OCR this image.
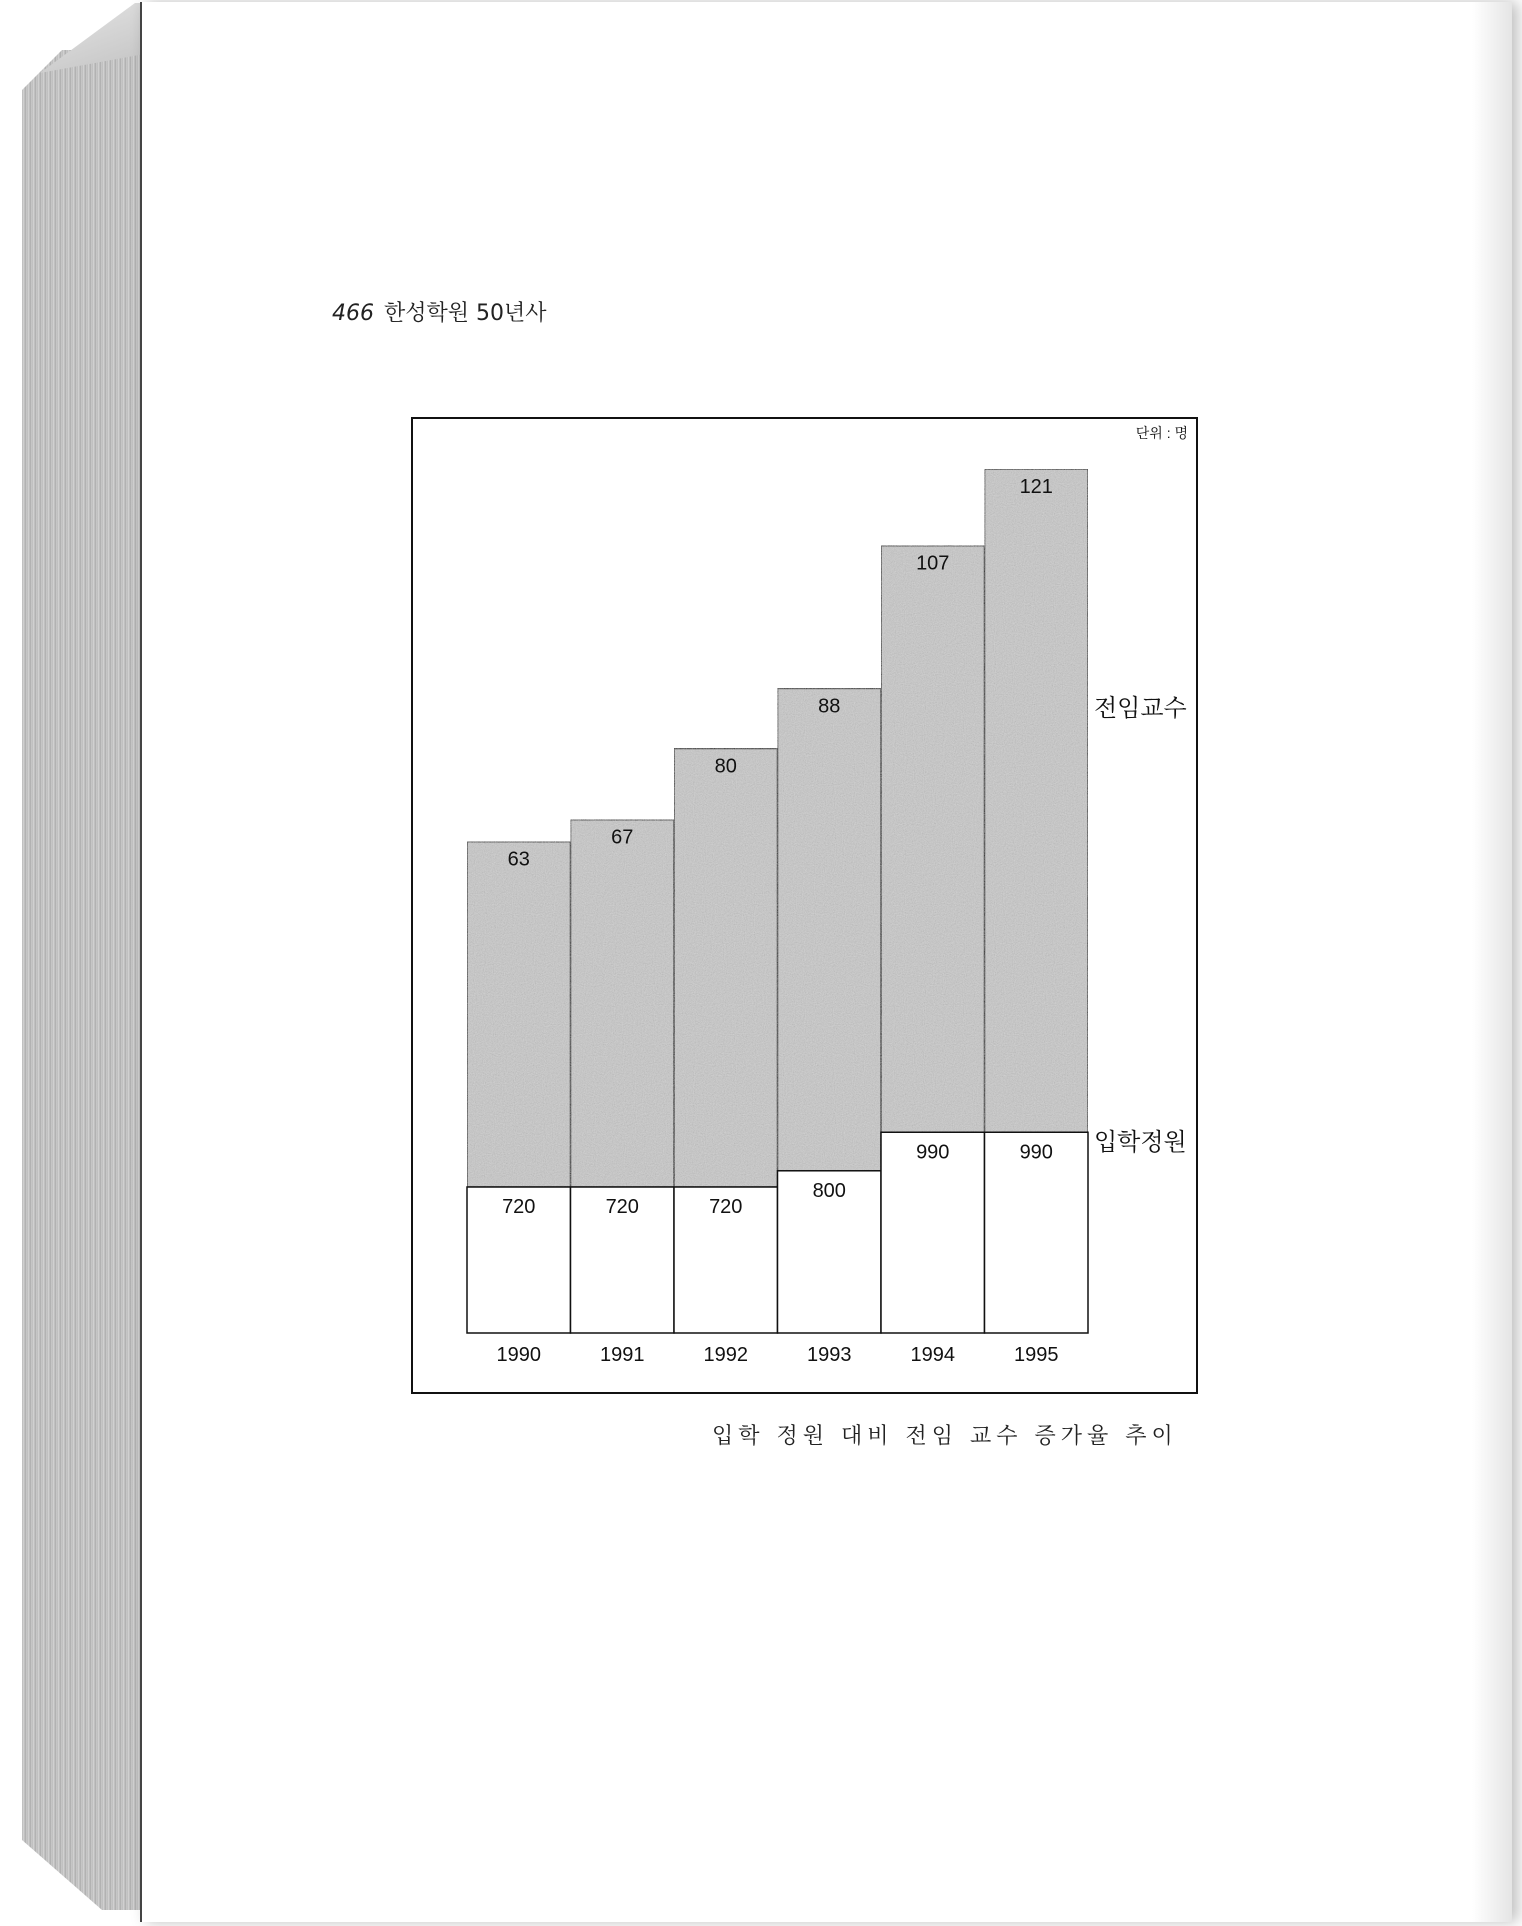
466 한성학원 50년사
단위 : 명
63
720
1990
67
720
1991
80
720
1992
88
800
1993
107
990
1994
121
990
1995
전임교수
입학정원
입학 정원 대비 전임 교수 증가율 추이
